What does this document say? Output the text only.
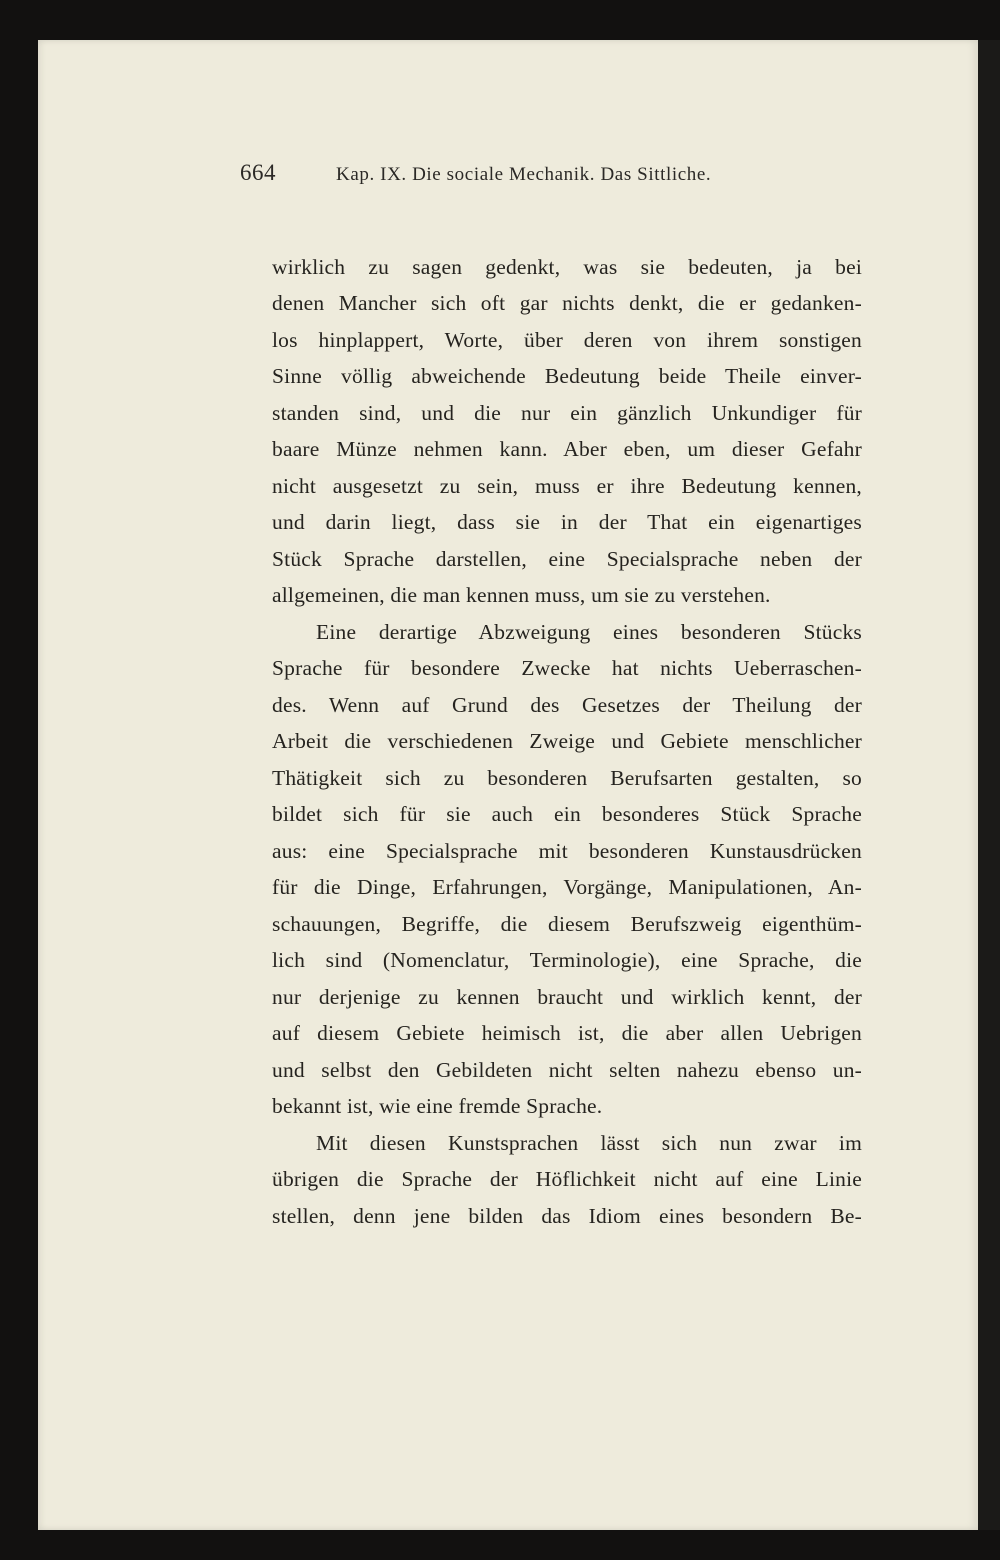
664	Kap. IX. Die sociale Mechanik. Das Sittliche.
wirklich zu sagen gedenkt, was sie bedeuten, ja bei
denen Mancher sich oft gar nichts denkt, die er gedanken-
los hinplappert, Worte, über deren von ihrem sonstigen
Sinne völlig abweichende Bedeutung beide Theile einver-
standen sind, und die nur ein gänzlich Unkundiger für
baare Münze nehmen kann. Aber eben, um dieser Gefahr
nicht ausgesetzt zu sein, muss er ihre Bedeutung kennen,
und darin liegt, dass sie in der That ein eigenartiges
Stück Sprache darstellen, eine Specialsprache neben der
allgemeinen, die man kennen muss, um sie zu verstehen.
Eine derartige Abzweigung eines besonderen Stücks
Sprache für besondere Zwecke hat nichts Ueberraschen-
des. Wenn auf Grund des Gesetzes der Theilung der
Arbeit die verschiedenen Zweige und Gebiete menschlicher
Thätigkeit sich zu besonderen Berufsarten gestalten, so
bildet sich für sie auch ein besonderes Stück Sprache
aus: eine Specialsprache mit besonderen Kunstausdrücken
für die Dinge, Erfahrungen, Vorgänge, Manipulationen, An-
schauungen, Begriffe, die diesem Berufszweig eigenthüm-
lich sind (Nomenclatur, Terminologie), eine Sprache, die
nur derjenige zu kennen braucht und wirklich kennt, der
auf diesem Gebiete heimisch ist, die aber allen Uebrigen
und selbst den Gebildeten nicht selten nahezu ebenso un-
bekannt ist, wie eine fremde Sprache.
Mit diesen Kunstsprachen lässt sich nun zwar im
übrigen die Sprache der Höflichkeit nicht auf eine Linie
stellen, denn jene bilden das Idiom eines besondern Be-
